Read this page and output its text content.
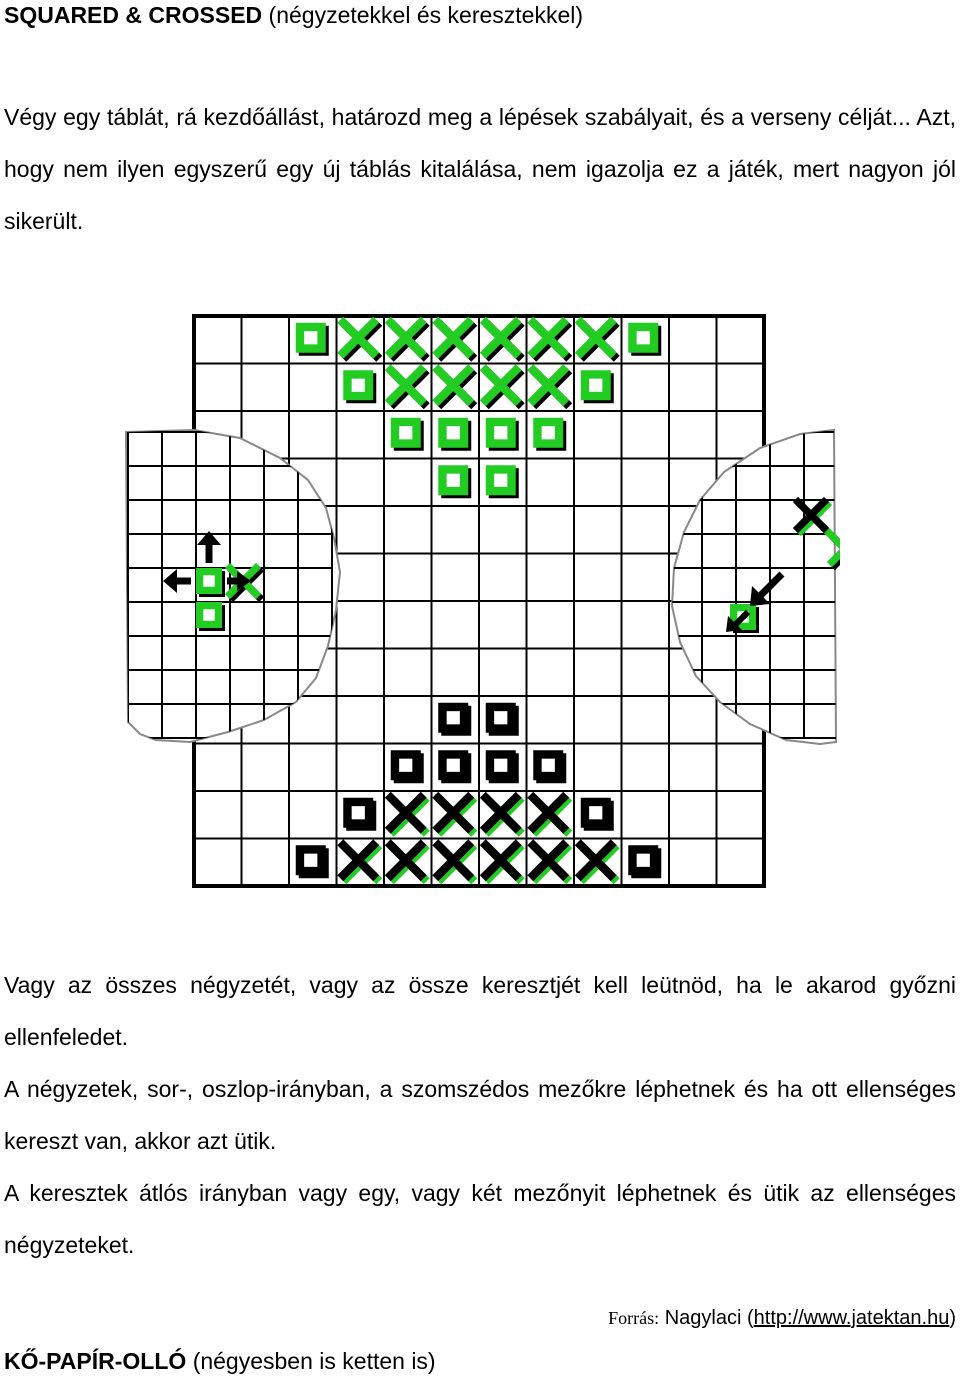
SQUARED & CROSSED (négyzetekkel és keresztekkel)
Végy egy táblát, rá kezdőállást, határozd meg a lépések szabályait, és a verseny célját... Azt, hogy nem ilyen egyszerű egy új táblás kitalálása, nem igazolja ez a játék, mert nagyon jól sikerült.
Vagy az összes négyzetét, vagy az össze keresztjét kell leütnöd, ha le akarod győzni ellenfeledet.
A négyzetek, sor-, oszlop-irányban, a szomszédos mezőkre léphetnek és ha ott ellenséges kereszt van, akkor azt ütik.
A keresztek átlós irányban vagy egy, vagy két mezőnyit léphetnek és ütik az ellenséges négyzeteket.
Forrás: Nagylaci (http://www.jatektan.hu)
KŐ-PAPÍR-OLLÓ (négyesben is ketten is)
